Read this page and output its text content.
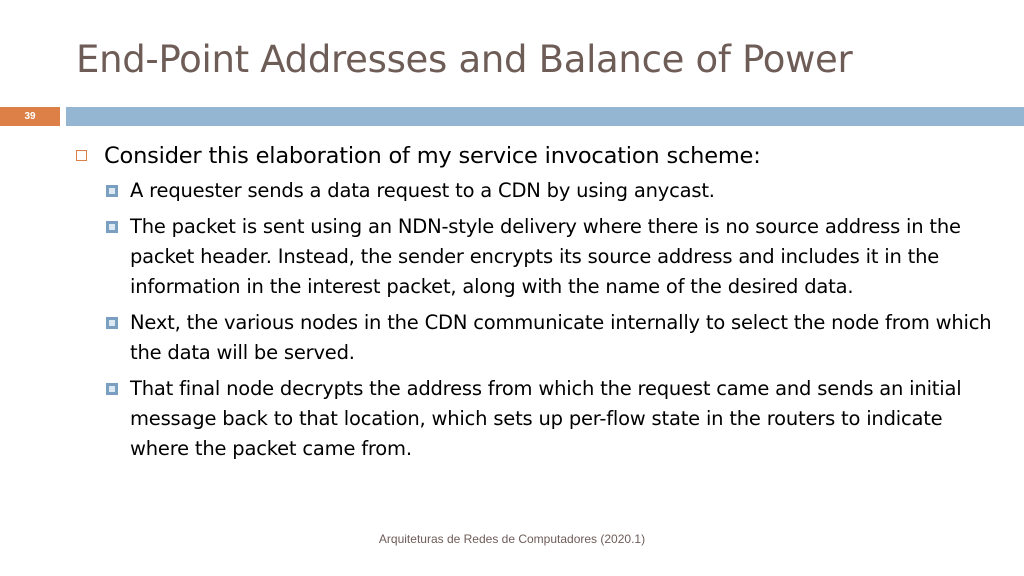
End-Point Addresses and Balance of Power
39
Consider this elaboration of my service invocation scheme:
A requester sends a data request to a CDN by using anycast.
The packet is sent using an NDN-style delivery where there is no source address in the packet header. Instead, the sender encrypts its source address and includes it in the information in the interest packet, along with the name of the desired data.
Next, the various nodes in the CDN communicate internally to select the node from which the data will be served.
That final node decrypts the address from which the request came and sends an initial message back to that location, which sets up per-flow state in the routers to indicate where the packet came from.
Arquiteturas de Redes de Computadores (2020.1)
